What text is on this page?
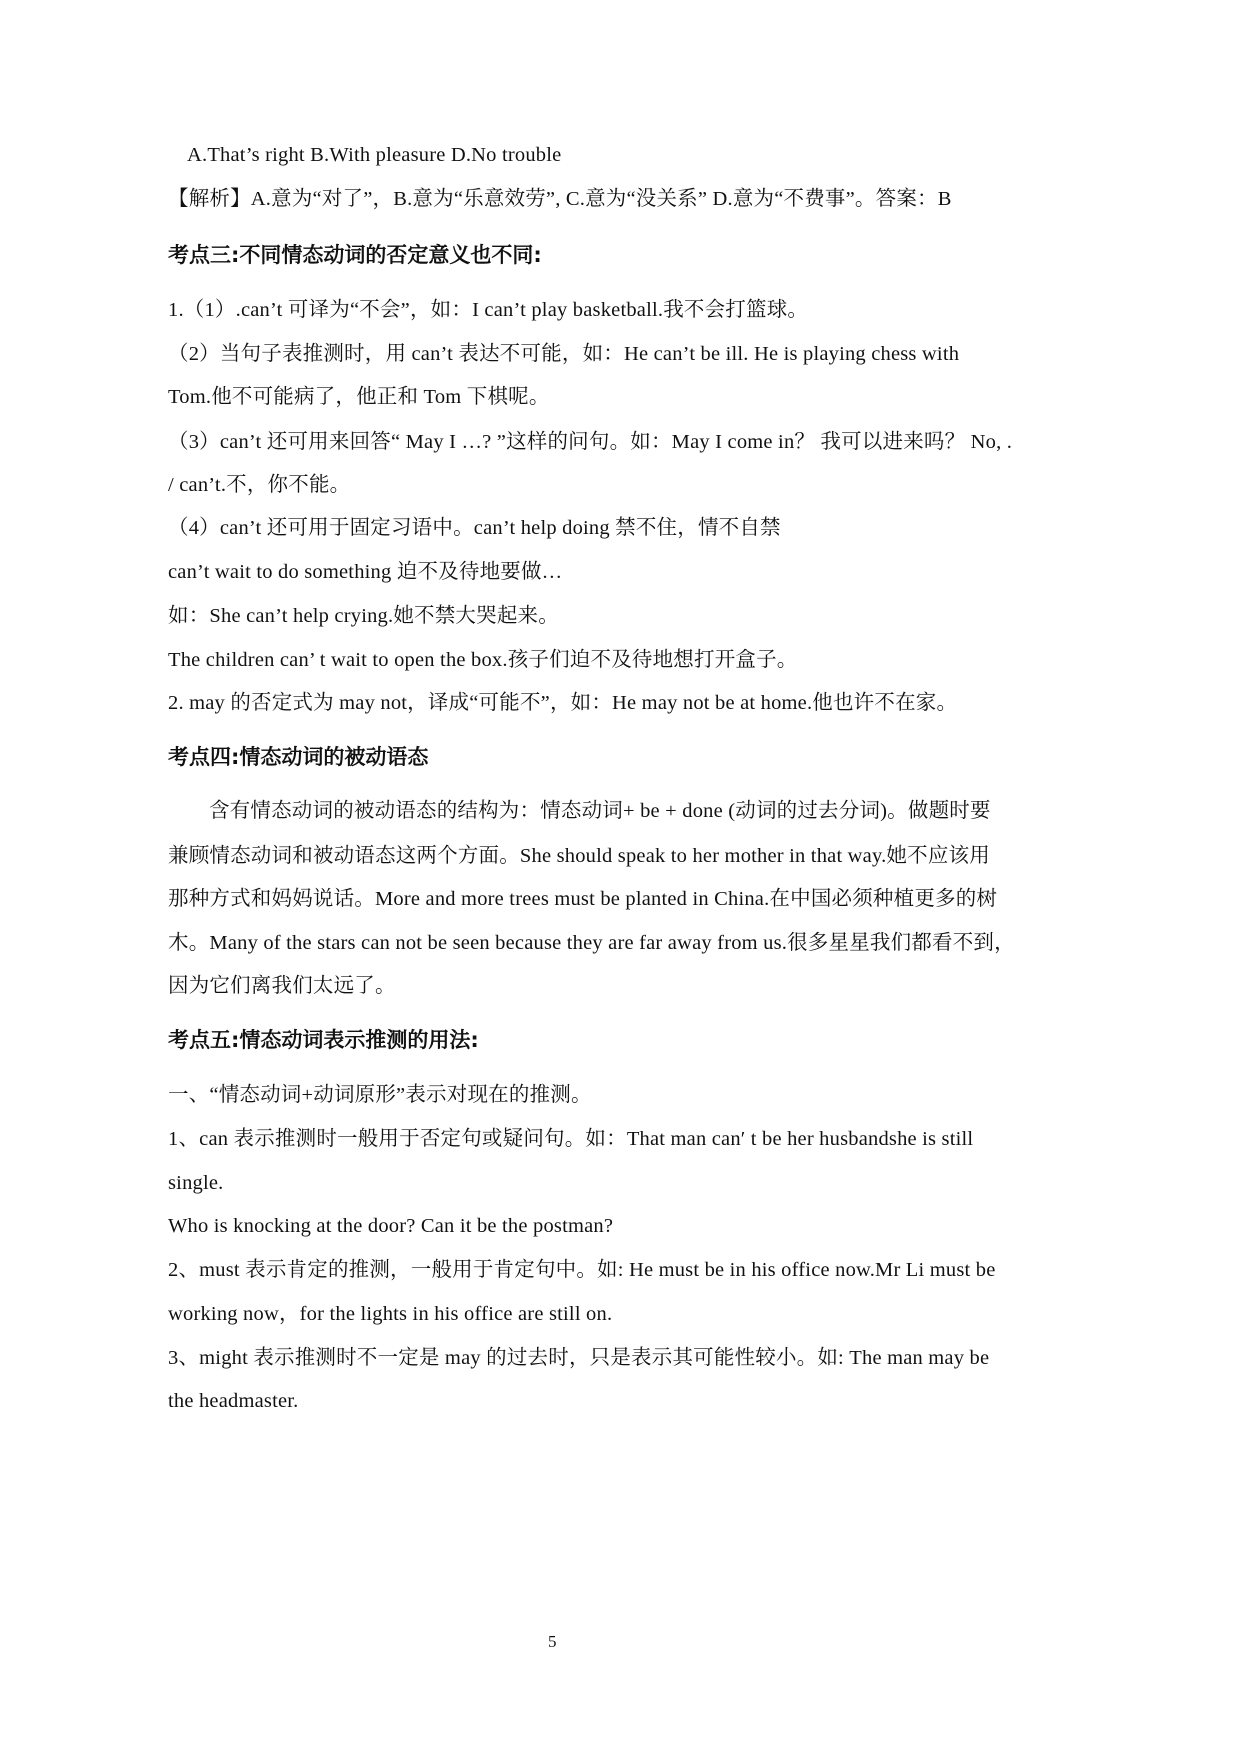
A.That’s right B.With pleasure D.No trouble
【解析】A.意为“对了”，B.意为“乐意效劳”, C.意为“没关系” D.意为“不费事”。答案：B
考点三:不同情态动词的否定意义也不同:
1.（1）.can’t 可译为“不会”，如：I can’t play basketball.我不会打篮球。
（2）当句子表推测时，用 can’t 表达不可能，如：He can’t be ill. He is playing chess with
Tom.他不可能病了，他正和 Tom 下棋呢。
（3）can’t 还可用来回答“ May I …? ”这样的问句。如：May I come in？ 我可以进来吗？ No, .
/ can’t.不，你不能。
（4）can’t 还可用于固定习语中。can’t help doing 禁不住，情不自禁
can’t wait to do something 迫不及待地要做…
如：She can’t help crying.她不禁大哭起来。
The children can’ t wait to open the box.孩子们迫不及待地想打开盒子。
2. may 的否定式为 may not，译成“可能不”，如：He may not be at home.他也许不在家。
考点四:情态动词的被动语态
含有情态动词的被动语态的结构为：情态动词+ be + done (动词的过去分词)。做题时要
兼顾情态动词和被动语态这两个方面。She should speak to her mother in that way.她不应该用
那种方式和妈妈说话。More and more trees must be planted in China.在中国必须种植更多的树
木。Many of the stars can not be seen because they are far away from us.很多星星我们都看不到，
因为它们离我们太远了。
考点五:情态动词表示推测的用法:
一、“情态动词+动词原形”表示对现在的推测。
1、can 表示推测时一般用于否定句或疑问句。如：That man can′ t be her husbandshe is still
single.
Who is knocking at the door? Can it be the postman?
2、must 表示肯定的推测，一般用于肯定句中。如: He must be in his office now.Mr Li must be
working now，for the lights in his office are still on.
3、might 表示推测时不一定是 may 的过去时，只是表示其可能性较小。如: The man may be
the headmaster.
5
